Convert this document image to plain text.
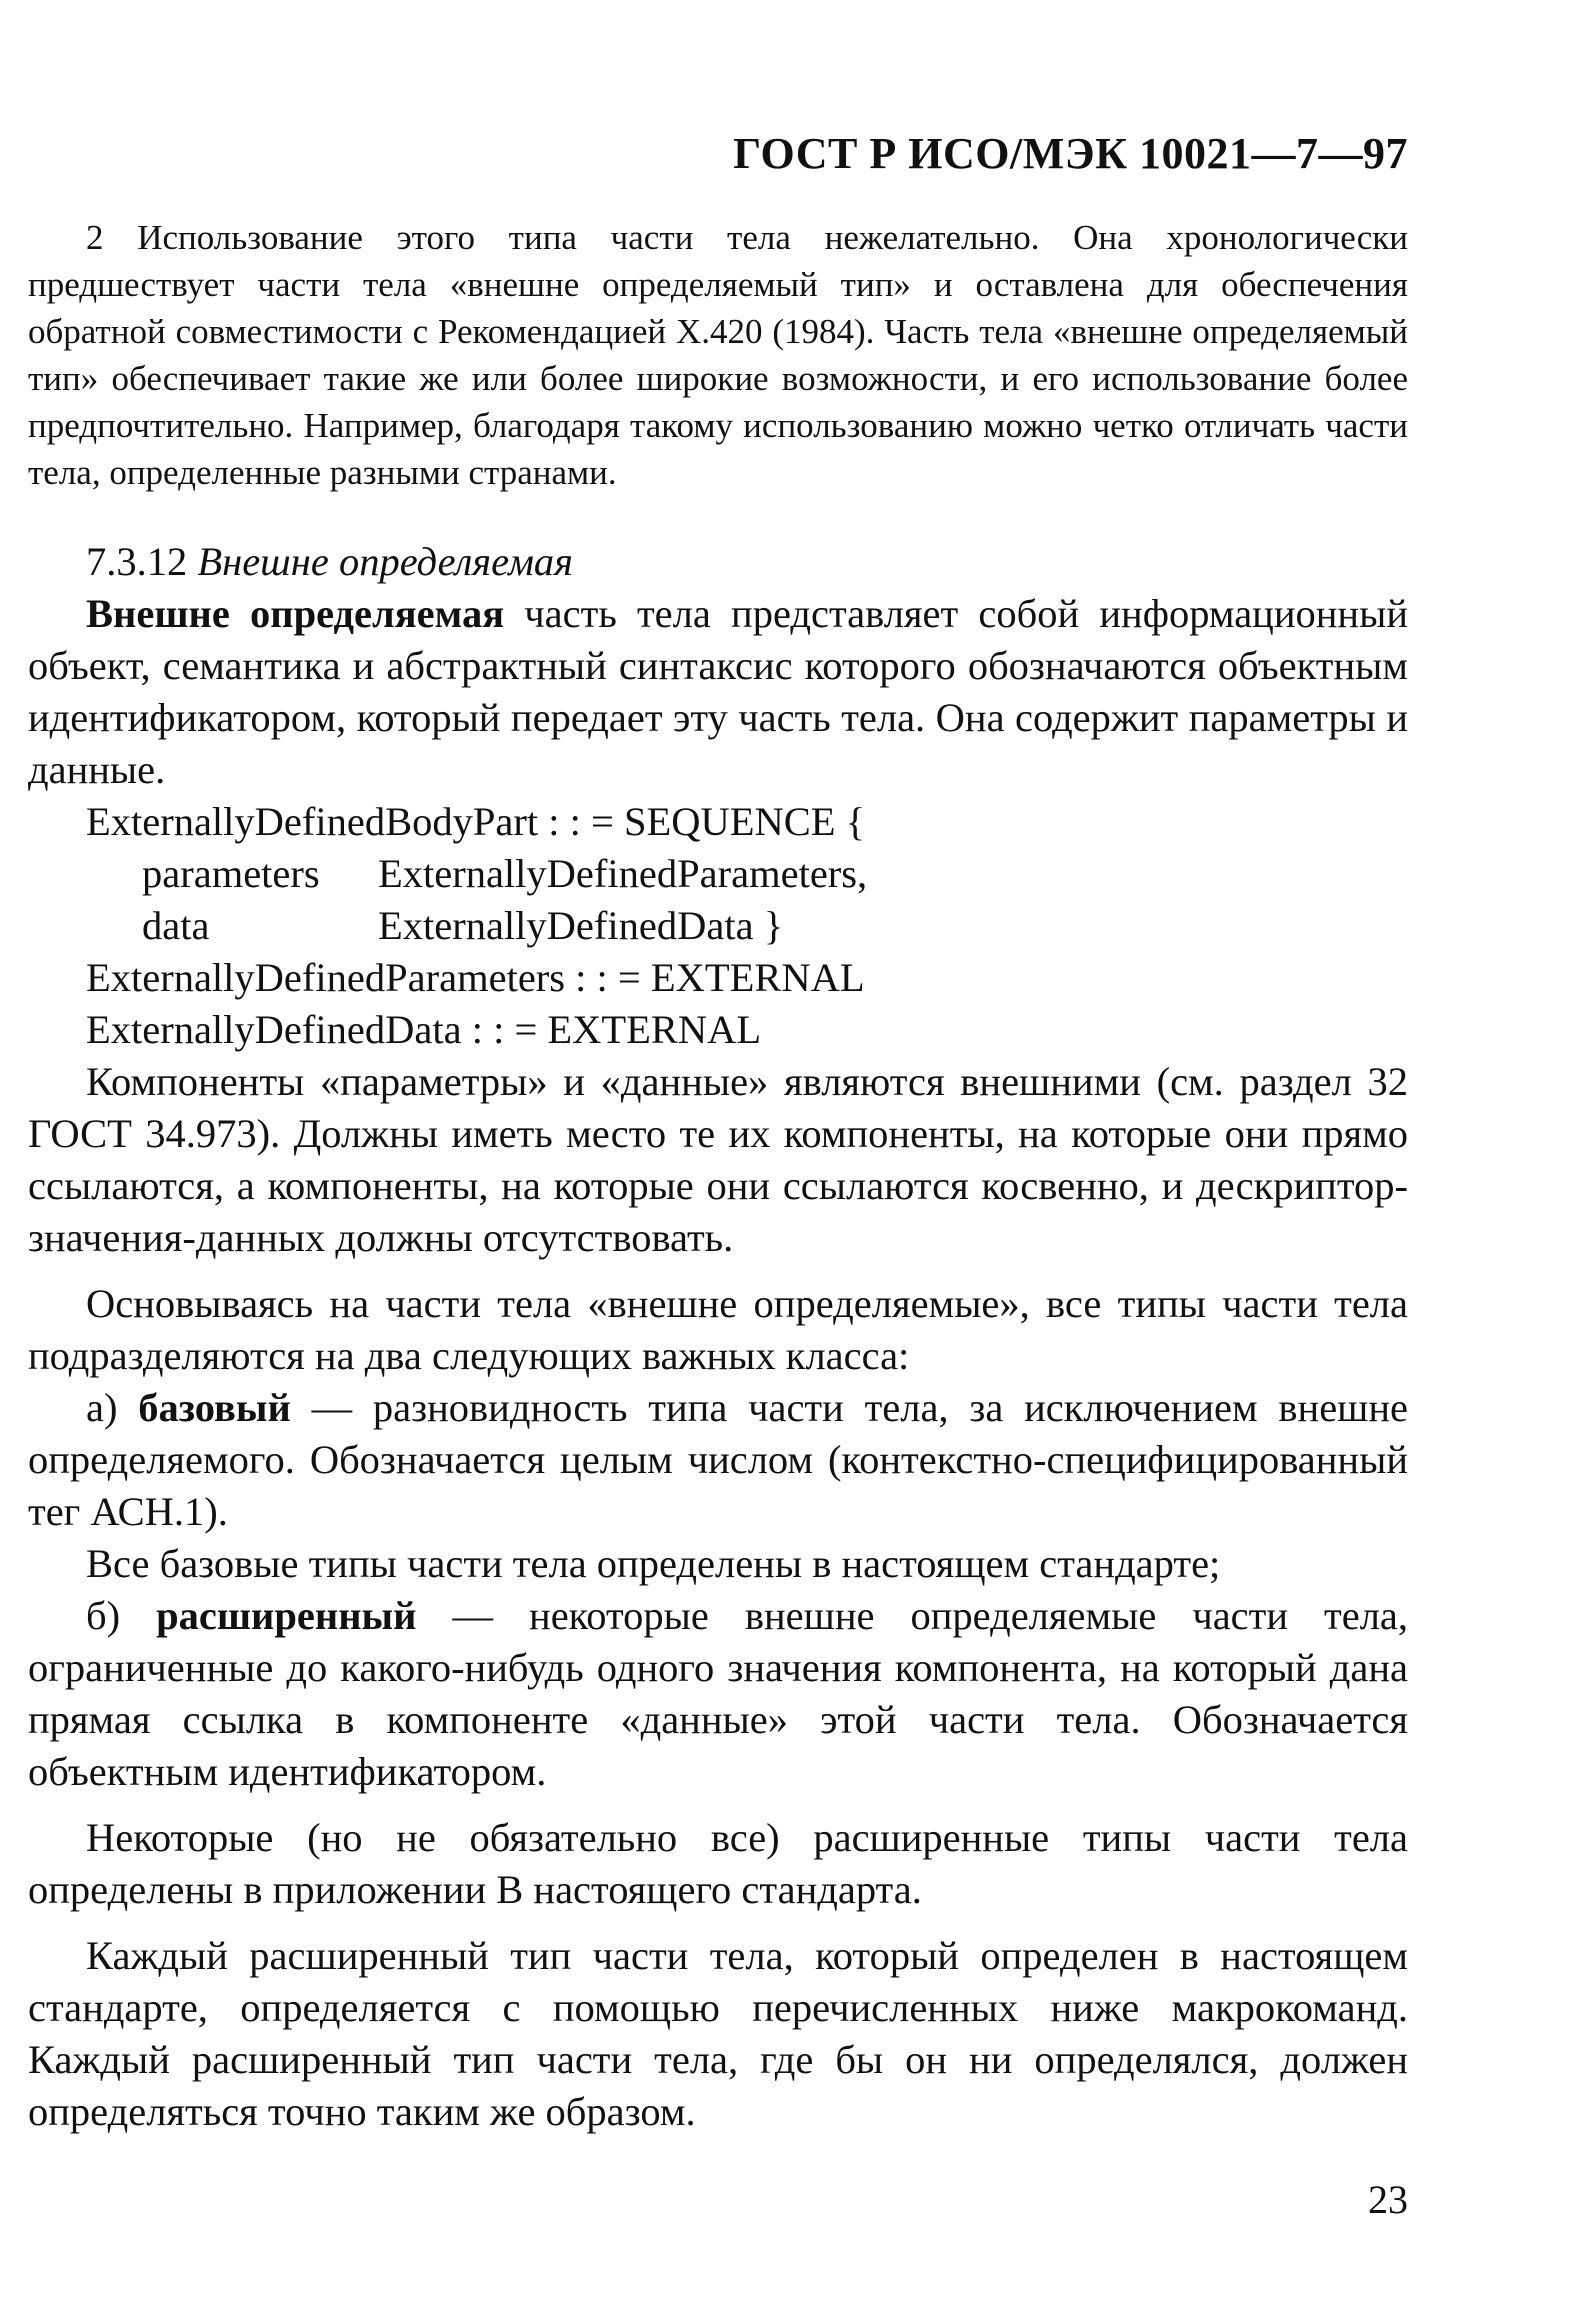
ГОСТ Р ИСО/МЭК 10021—7—97

2 Использование этого типа части тела нежелательно. Она хронологически предшествует части тела «внешне определяемый тип» и оставлена для обеспечения обратной совместимости с Рекомендацией X.420 (1984). Часть тела «внешне определяемый тип» обеспечивает такие же или более широкие возможности, и его использование более предпочтительно. Например, благодаря такому использованию можно четко отличать части тела, определенные разными странами.

7.3.12 Внешне определяемая

Внешне определяемая часть тела представляет собой информационный объект, семантика и абстрактный синтаксис которого обозначаются объектным идентификатором, который передает эту часть тела. Она содержит параметры и данные.

ExternallyDefinedBodyPart : : = SEQUENCE {

parameters ExternallyDefinedParameters,

data	ExternallyDefinedData }

ExternallyDefinedParameters : : = EXTERNAL

ExternallyDefinedData : : = EXTERNAL

Компоненты «параметры» и «данные» являются внешними (см. раздел 32 ГОСТ 34.973). Должны иметь место те их компоненты, на которые они прямо ссылаются, а компоненты, на которые они ссылаются косвенно, и дескриптор-значения-данных должны отсутствовать.

Основываясь на части тела «внешне определяемые», все типы части тела подразделяются на два следующих важных класса:

а) базовый — разновидность типа части тела, за исключением внешне определяемого. Обозначается целым числом (контекстно-специфицированный тег АСН.1).

Все базовые типы части тела определены в настоящем стандарте;

б) расширенный — некоторые внешне определяемые части тела, ограниченные до какого-нибудь одного значения компонента, на который дана прямая ссылка в компоненте «данные» этой части тела. Обозначается объектным идентификатором.

Некоторые (но не обязательно все) расширенные типы части тела определены в приложении В настоящего стандарта.

Каждый расширенный тип части тела, который определен в настоящем стандарте, определяется с помощью перечисленных ниже макрокоманд. Каждый расширенный тип части тела, где бы он ни определялся, должен определяться точно таким же образом.

23
